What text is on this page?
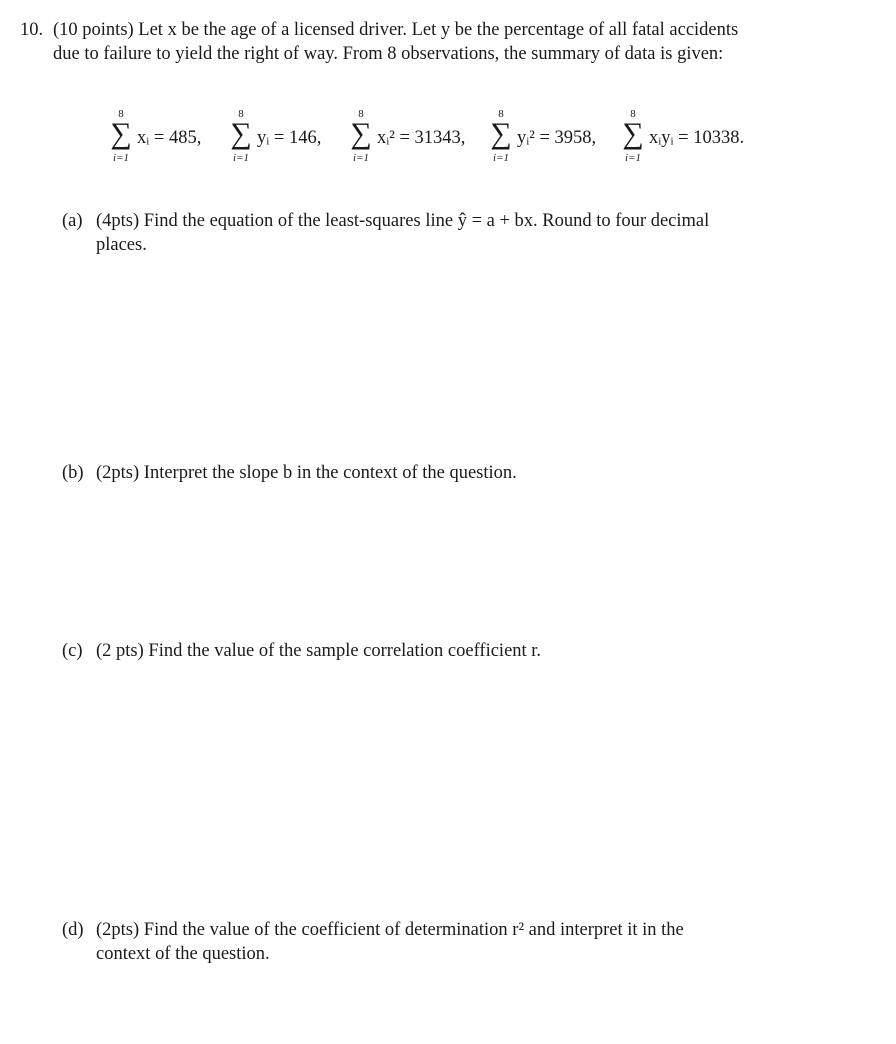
10. (10 points) Let x be the age of a licensed driver. Let y be the percentage of all fatal accidents
due to failure to yield the right of way. From 8 observations, the summary of data is given:
8
∑
i=1
xᵢ = 485,
8
∑
i=1
yᵢ = 146,
8
∑
i=1
xᵢ² = 31343,
8
∑
i=1
yᵢ² = 3958,
8
∑
i=1
xᵢyᵢ = 10338.
(a) (4pts) Find the equation of the least-squares line ŷ = a + bx. Round to four decimal
places.
(b) (2pts) Interpret the slope b in the context of the question.
(c) (2 pts) Find the value of the sample correlation coefficient r.
(d) (2pts) Find the value of the coefficient of determination r² and interpret it in the
context of the question.
